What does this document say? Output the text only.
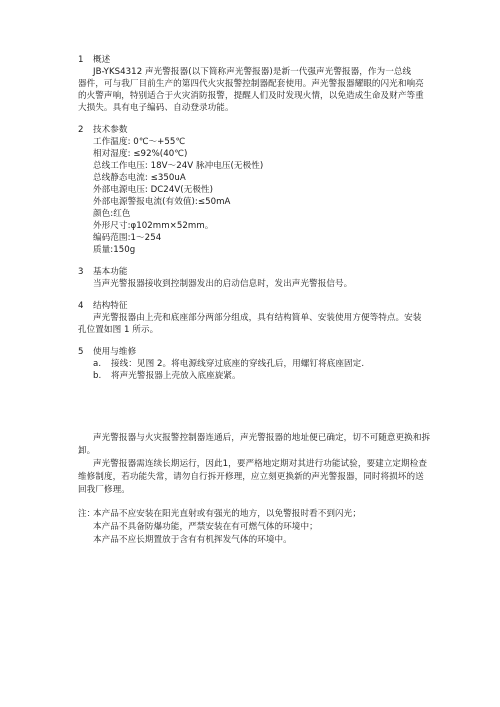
1 概述
JB-YKS4312 声光警报器(以下简称声光警报器)是新一代强声光警报器，作为一总线
器件，可与我厂目前生产的第四代火灾报警控制器配套使用。声光警报器耀眼的闪光和响亮
的火警声响，特别适合于火灾消防报警，提醒人们及时发现火情，以免造成生命及财产等重
大损失。具有电子编码、自动登录功能。
2 技术参数
工作温度: 0℃～+55℃
相对湿度: ≤92%(40℃)
总线工作电压: 18V～24V 脉冲电压(无极性)
总线静态电流: ≤350uA
外部电源电压: DC24V(无极性)
外部电源警报电流(有效值):≤50mA
颜色:红色
外形尺寸:φ102mm×52mm。
编码范围:1～254
质量:150g
3 基本功能
当声光警报器接收到控制器发出的启动信息时，发出声光警报信号。
4 结构特征
声光警报器由上壳和底座部分两部分组成，具有结构简单、安装使用方便等特点。安装
孔位置如图 1 所示。
5 使用与维修
a. 接线：见图 2。将电源线穿过底座的穿线孔后，用螺钉将底座固定.
b. 将声光警报器上壳放入底座旋紧。
声光警报器与火灾报警控制器连通后，声光警报器的地址便已确定，切不可随意更换和拆
卸。
声光警报器需连续长期运行，因此1，要严格地定期对其进行功能试验，要建立定期检查
维修制度，若功能失常，请勿自行拆开修理，应立刻更换新的声光警报器，同时将损坏的送
回我厂修理。
注：
本产品不应安装在阳光直射或有强光的地方，以免警报时看不到闪光；
本产品不具备防爆功能，严禁安装在有可燃气体的环境中；
本产品不应长期置放于含有有机挥发气体的环境中。
